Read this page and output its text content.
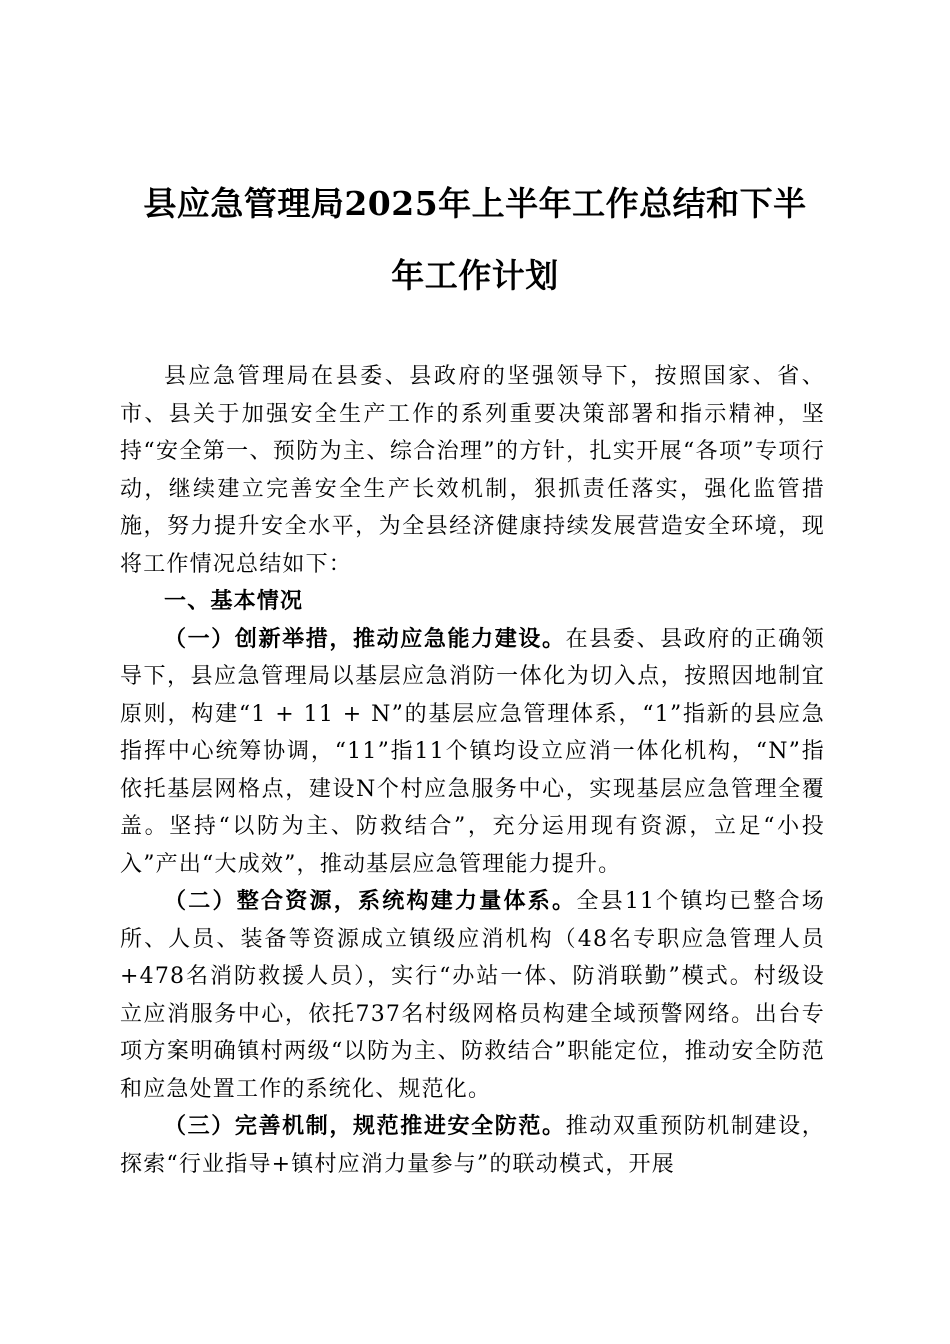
县应急管理局2025年上半年工作总结和下半
年工作计划

县应急管理局在县委、县政府的坚强领导下，按照国家、省、市、县关于加强安全生产工作的系列重要决策部署和指示精神，坚持“安全第一、预防为主、综合治理”的方针，扎实开展“各项”专项行动，继续建立完善安全生产长效机制，狠抓责任落实，强化监管措施，努力提升安全水平，为全县经济健康持续发展营造安全环境，现将工作情况总结如下：

一、基本情况

（一）创新举措，推动应急能力建设。在县委、县政府的正确领导下，县应急管理局以基层应急消防一体化为切入点，按照因地制宜原则，构建“1 + 11 + N”的基层应急管理体系，“1”指新的县应急指挥中心统筹协调，“11”指11个镇均设立应消一体化机构，“N”指依托基层网格点，建设N个村应急服务中心，实现基层应急管理全覆盖。坚持“以防为主、防救结合”，充分运用现有资源，立足“小投入”产出“大成效”，推动基层应急管理能力提升。

（二）整合资源，系统构建力量体系。全县11个镇均已整合场所、人员、装备等资源成立镇级应消机构（48名专职应急管理人员+478名消防救援人员），实行“办站一体、防消联勤”模式。村级设立应消服务中心，依托737名村级网格员构建全域预警网络。出台专项方案明确镇村两级“以防为主、防救结合”职能定位，推动安全防范和应急处置工作的系统化、规范化。

（三）完善机制，规范推进安全防范。推动双重预防机制建设，探索“行业指导+镇村应消力量参与”的联动模式，开展
